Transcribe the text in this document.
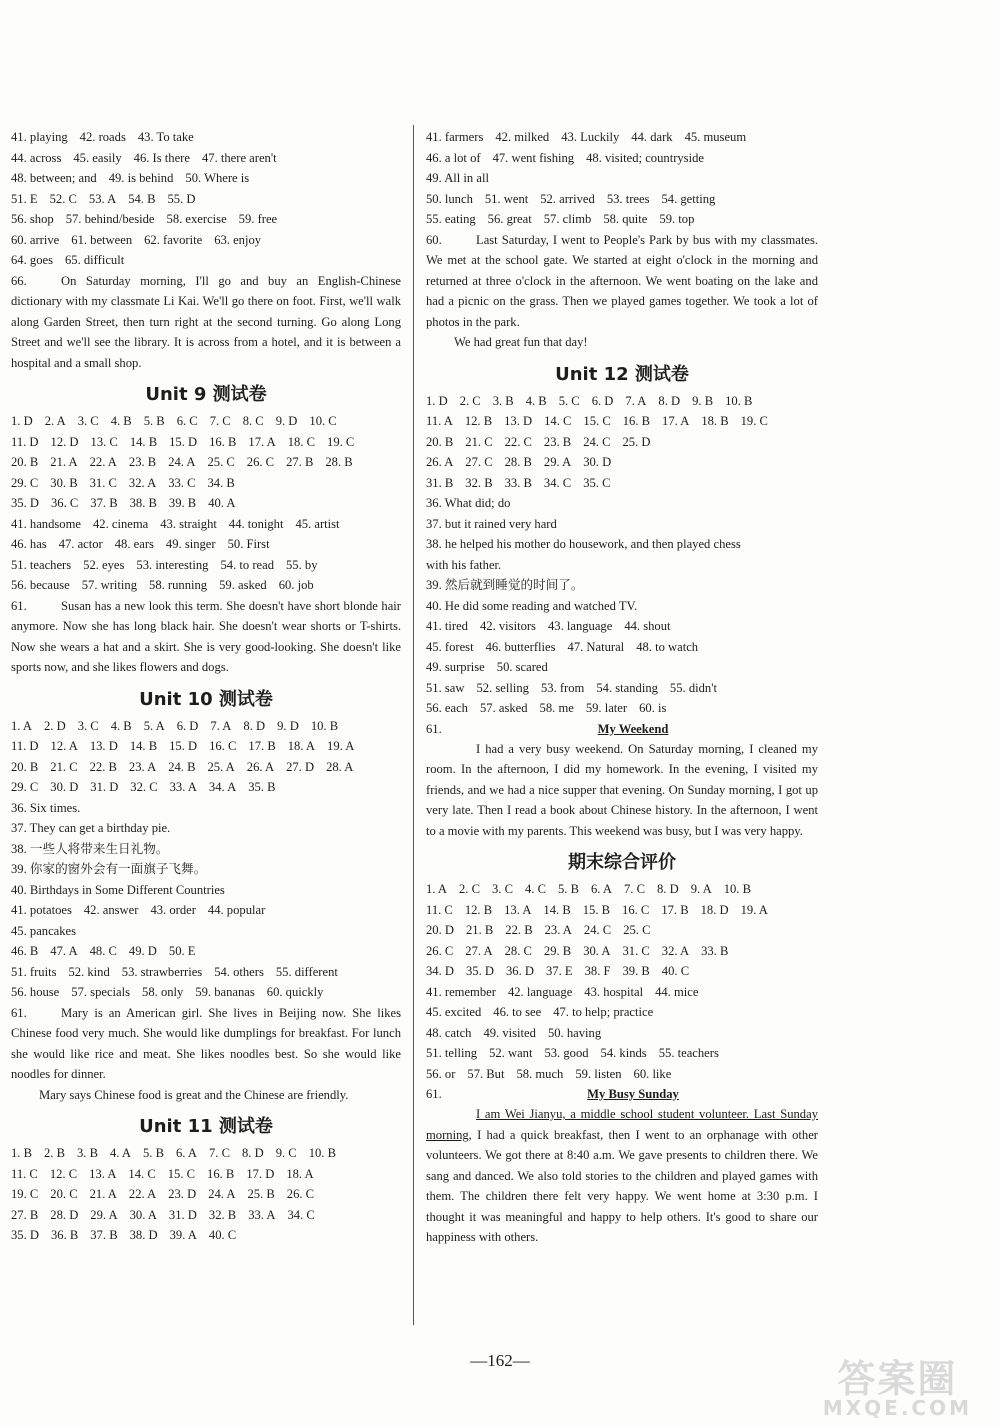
41. playing 42. roads 43. To take
44. across 45. easily 46. Is there 47. there aren't
48. between; and 49. is behind 50. Where is
51. E 52. C 53. A 54. B 55. D
56. shop 57. behind/beside 58. exercise 59. free
60. arrive 61. between 62. favorite 63. enjoy
64. goes 65. difficult
66.	On Saturday morning, I'll go and buy an English-Chinese dictionary with my classmate Li Kai. We'll go there on foot. First, we'll walk along Garden Street, then turn right at the second turning. Go along Long Street and we'll see the library. It is across from a hotel, and it is between a hospital and a small shop.

Unit 9 测试卷
1. D 2. A 3. C 4. B 5. B 6. C 7. C 8. C 9. D 10. C
11. D 12. D 13. C 14. B 15. D 16. B 17. A 18. C 19. C
20. B 21. A 22. A 23. B 24. A 25. C 26. C 27. B 28. B
29. C 30. B 31. C 32. A 33. C 34. B
35. D 36. C 37. B 38. B 39. B 40. A
41. handsome 42. cinema 43. straight 44. tonight 45. artist
46. has 47. actor 48. ears 49. singer 50. First
51. teachers 52. eyes 53. interesting 54. to read 55. by
56. because 57. writing 58. running 59. asked 60. job
61.	Susan has a new look this term. She doesn't have short blonde hair anymore. Now she has long black hair. She doesn't wear shorts or T-shirts. Now she wears a hat and a skirt. She is very good-looking. She doesn't like sports now, and she likes flowers and dogs.

Unit 10 测试卷
1. A 2. D 3. C 4. B 5. A 6. D 7. A 8. D 9. D 10. B
11. D 12. A 13. D 14. B 15. D 16. C 17. B 18. A 19. A
20. B 21. C 22. B 23. A 24. B 25. A 26. A 27. D 28. A
29. C 30. D 31. D 32. C 33. A 34. A 35. B
36. Six times.
37. They can get a birthday pie.
38. 一些人将带来生日礼物。
39. 你家的窗外会有一面旗子飞舞。
40. Birthdays in Some Different Countries
41. potatoes 42. answer 43. order 44. popular
45. pancakes
46. B 47. A 48. C 49. D 50. E
51. fruits 52. kind 53. strawberries 54. others 55. different
56. house 57. specials 58. only 59. bananas 60. quickly
61.	Mary is an American girl. She lives in Beijing now. She likes Chinese food very much. She would like dumplings for breakfast. For lunch she would like rice and meat. She likes noodles best. So she would like noodles for dinner.

Mary says Chinese food is great and the Chinese are friendly.

Unit 11 测试卷
1. B 2. B 3. B 4. A 5. B 6. A 7. C 8. D 9. C 10. B
11. C 12. C 13. A 14. C 15. C 16. B 17. D 18. A
19. C 20. C 21. A 22. A 23. D 24. A 25. B 26. C
27. B 28. D 29. A 30. A 31. D 32. B 33. A 34. C
35. D 36. B 37. B 38. D 39. A 40. C
41. farmers 42. milked 43. Luckily 44. dark 45. museum
46. a lot of 47. went fishing 48. visited; countryside
49. All in all
50. lunch 51. went 52. arrived 53. trees 54. getting
55. eating 56. great 57. climb 58. quite 59. top
60.	Last Saturday, I went to People's Park by bus with my classmates. We met at the school gate. We started at eight o'clock in the morning and returned at three o'clock in the afternoon. We went boating on the lake and had a picnic on the grass. Then we played games together. We took a lot of photos in the park.

We had great fun that day!

Unit 12 测试卷
1. D 2. C 3. B 4. B 5. C 6. D 7. A 8. D 9. B 10. B
11. A 12. B 13. D 14. C 15. C 16. B 17. A 18. B 19. C
20. B 21. C 22. C 23. B 24. C 25. D
26. A 27. C 28. B 29. A 30. D
31. B 32. B 33. B 34. C 35. C
36. What did; do
37. but it rained very hard
38. he helped his mother do housework, and then played chess
with his father.
39. 然后就到睡觉的时间了。
40. He did some reading and watched TV.
41. tired 42. visitors 43. language 44. shout
45. forest 46. butterflies 47. Natural 48. to watch
49. surprise 50. scared
51. saw 52. selling 53. from 54. standing 55. didn't
56. each 57. asked 58. me 59. later 60. is
61.	My Weekend

I had a very busy weekend. On Saturday morning, I cleaned my room. In the afternoon, I did my homework. In the evening, I visited my friends, and we had a nice supper that evening. On Sunday morning, I got up very late. Then I read a book about Chinese history. In the afternoon, I went to a movie with my parents. This weekend was busy, but I was very happy.

期末综合评价
1. A 2. C 3. C 4. C 5. B 6. A 7. C 8. D 9. A 10. B
11. C 12. B 13. A 14. B 15. B 16. C 17. B 18. D 19. A
20. D 21. B 22. B 23. A 24. C 25. C
26. C 27. A 28. C 29. B 30. A 31. C 32. A 33. B
34. D 35. D 36. D 37. E 38. F 39. B 40. C
41. remember 42. language 43. hospital 44. mice
45. excited 46. to see 47. to help; practice
48. catch 49. visited 50. having
51. telling 52. want 53. good 54. kinds 55. teachers
56. or 57. But 58. much 59. listen 60. like
61.	My Busy Sunday

I am Wei Jianyu, a middle school student volunteer. Last Sunday morning, I had a quick breakfast, then I went to an orphanage with other volunteers. We got there at 8:40 a.m. We gave presents to children there. We sang and danced. We also told stories to the children and played games with them. The children there felt very happy. We went home at 3:30 p.m. I thought it was meaningful and happy to help others. It's good to share our happiness with others.

—162—	答案圈
MXQE.COM
